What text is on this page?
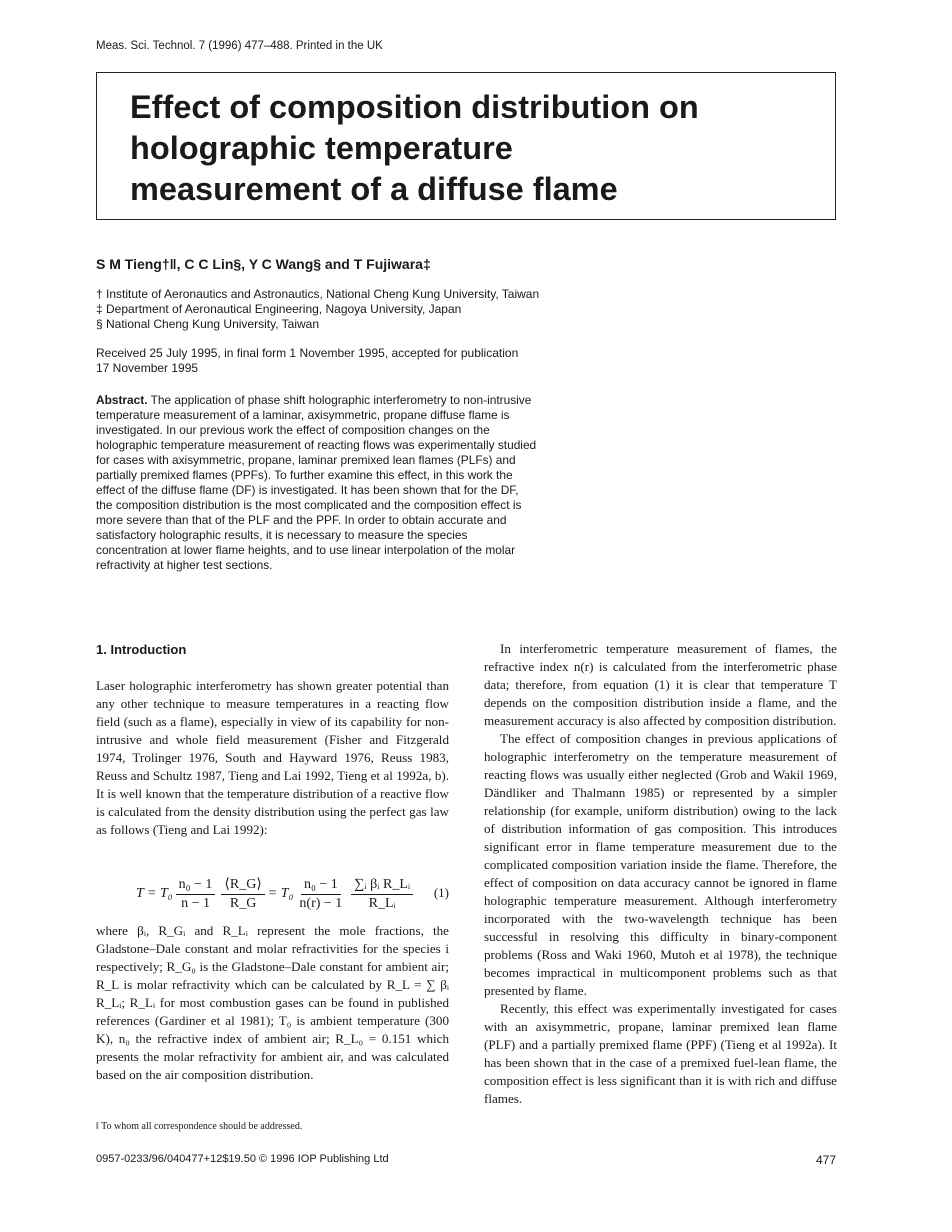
Meas. Sci. Technol. 7 (1996) 477–488. Printed in the UK
Effect of composition distribution on
holographic temperature
measurement of a diffuse flame
S M Tieng†‖, C C Lin§, Y C Wang§ and T Fujiwara‡
† Institute of Aeronautics and Astronautics, National Cheng Kung University, Taiwan
‡ Department of Aeronautical Engineering, Nagoya University, Japan
§ National Cheng Kung University, Taiwan
Received 25 July 1995, in final form 1 November 1995, accepted for publication
17 November 1995
Abstract. The application of phase shift holographic interferometry to non-intrusive
temperature measurement of a laminar, axisymmetric, propane diffuse flame is
investigated. In our previous work the effect of composition changes on the
holographic temperature measurement of reacting flows was experimentally studied
for cases with axisymmetric, propane, laminar premixed lean flames (PLFs) and
partially premixed flames (PPFs). To further examine this effect, in this work the
effect of the diffuse flame (DF) is investigated. It has been shown that for the DF,
the composition distribution is the most complicated and the composition effect is
more severe than that of the PLF and the PPF. In order to obtain accurate and
satisfactory holographic results, it is necessary to measure the species
concentration at lower flame heights, and to use linear interpolation of the molar
refractivity at higher test sections.
1. Introduction

Laser holographic interferometry has shown greater potential than any other technique to measure temperatures in a reacting flow field (such as a flame), especially in view of its capability for non-intrusive and whole field measurement (Fisher and Fitzgerald 1974, Trolinger 1976, South and Hayward 1976, Reuss 1983, Reuss and Schultz 1987, Tieng and Lai 1992, Tieng et al 1992a, b). It is well known that the temperature distribution of a reactive flow is calculated from the density distribution using the perfect gas law as follows (Tieng and Lai 1992):

$T = T_0 \frac{\text{n₀ − 1}}{n - 1} \frac{⟨R\_G⟩}{R\_G} = T_0 \frac{\text{n₀ − 1}}{n(r) - 1} \frac{\text{∑ᵢ βᵢ R\_Lᵢ}}{\text{R\_Lᵢ}} (1)$

where βᵢ, R_Gᵢ and R_Lᵢ represent the mole fractions, the Gladstone–Dale constant and molar refractivities for the species i respectively; R_G₀ is the Gladstone–Dale constant for ambient air; R_L is molar refractivity which can be calculated by R_L = ∑ βᵢ R_Lᵢ; R_Lᵢ for most combustion gases can be found in published references (Gardiner et al 1981); T₀ is ambient temperature (300 K), n₀ the refractive index of ambient air; R_L₀ = 0.151 which presents the molar refractivity for ambient air, and was calculated based on the air composition distribution.

‖ To whom all correspondence should be addressed.

In interferometric temperature measurement of flames, the refractive index n(r) is calculated from the interferometric phase data; therefore, from equation (1) it is clear that temperature T depends on the composition distribution inside a flame, and the measurement accuracy is also affected by composition distribution.

The effect of composition changes in previous applications of holographic interferometry on the temperature measurement of reacting flows was usually either neglected (Grob and Wakil 1969, Dändliker and Thalmann 1985) or represented by a simpler relationship (for example, uniform distribution) owing to the lack of distribution information of gas composition. This introduces significant error in flame temperature measurement due to the complicated composition variation inside the flame. Therefore, the effect of composition on data accuracy cannot be ignored in flame holographic temperature measurement. Although interferometry incorporated with the two-wavelength technique has been successful in resolving this difficulty in binary-component problems (Ross and Waki 1960, Mutoh et al 1978), the technique becomes impractical in multicomponent problems such as that presented by flame.

Recently, this effect was experimentally investigated for cases with an axisymmetric, propane, laminar premixed lean flame (PLF) and a partially premixed flame (PPF) (Tieng et al 1992a). It has been shown that in the case of a premixed fuel-lean flame, the composition effect is less significant than it is with rich and diffuse flames.

0957-0233/96/040477+12$19.50 © 1996 IOP Publishing Ltd	477
